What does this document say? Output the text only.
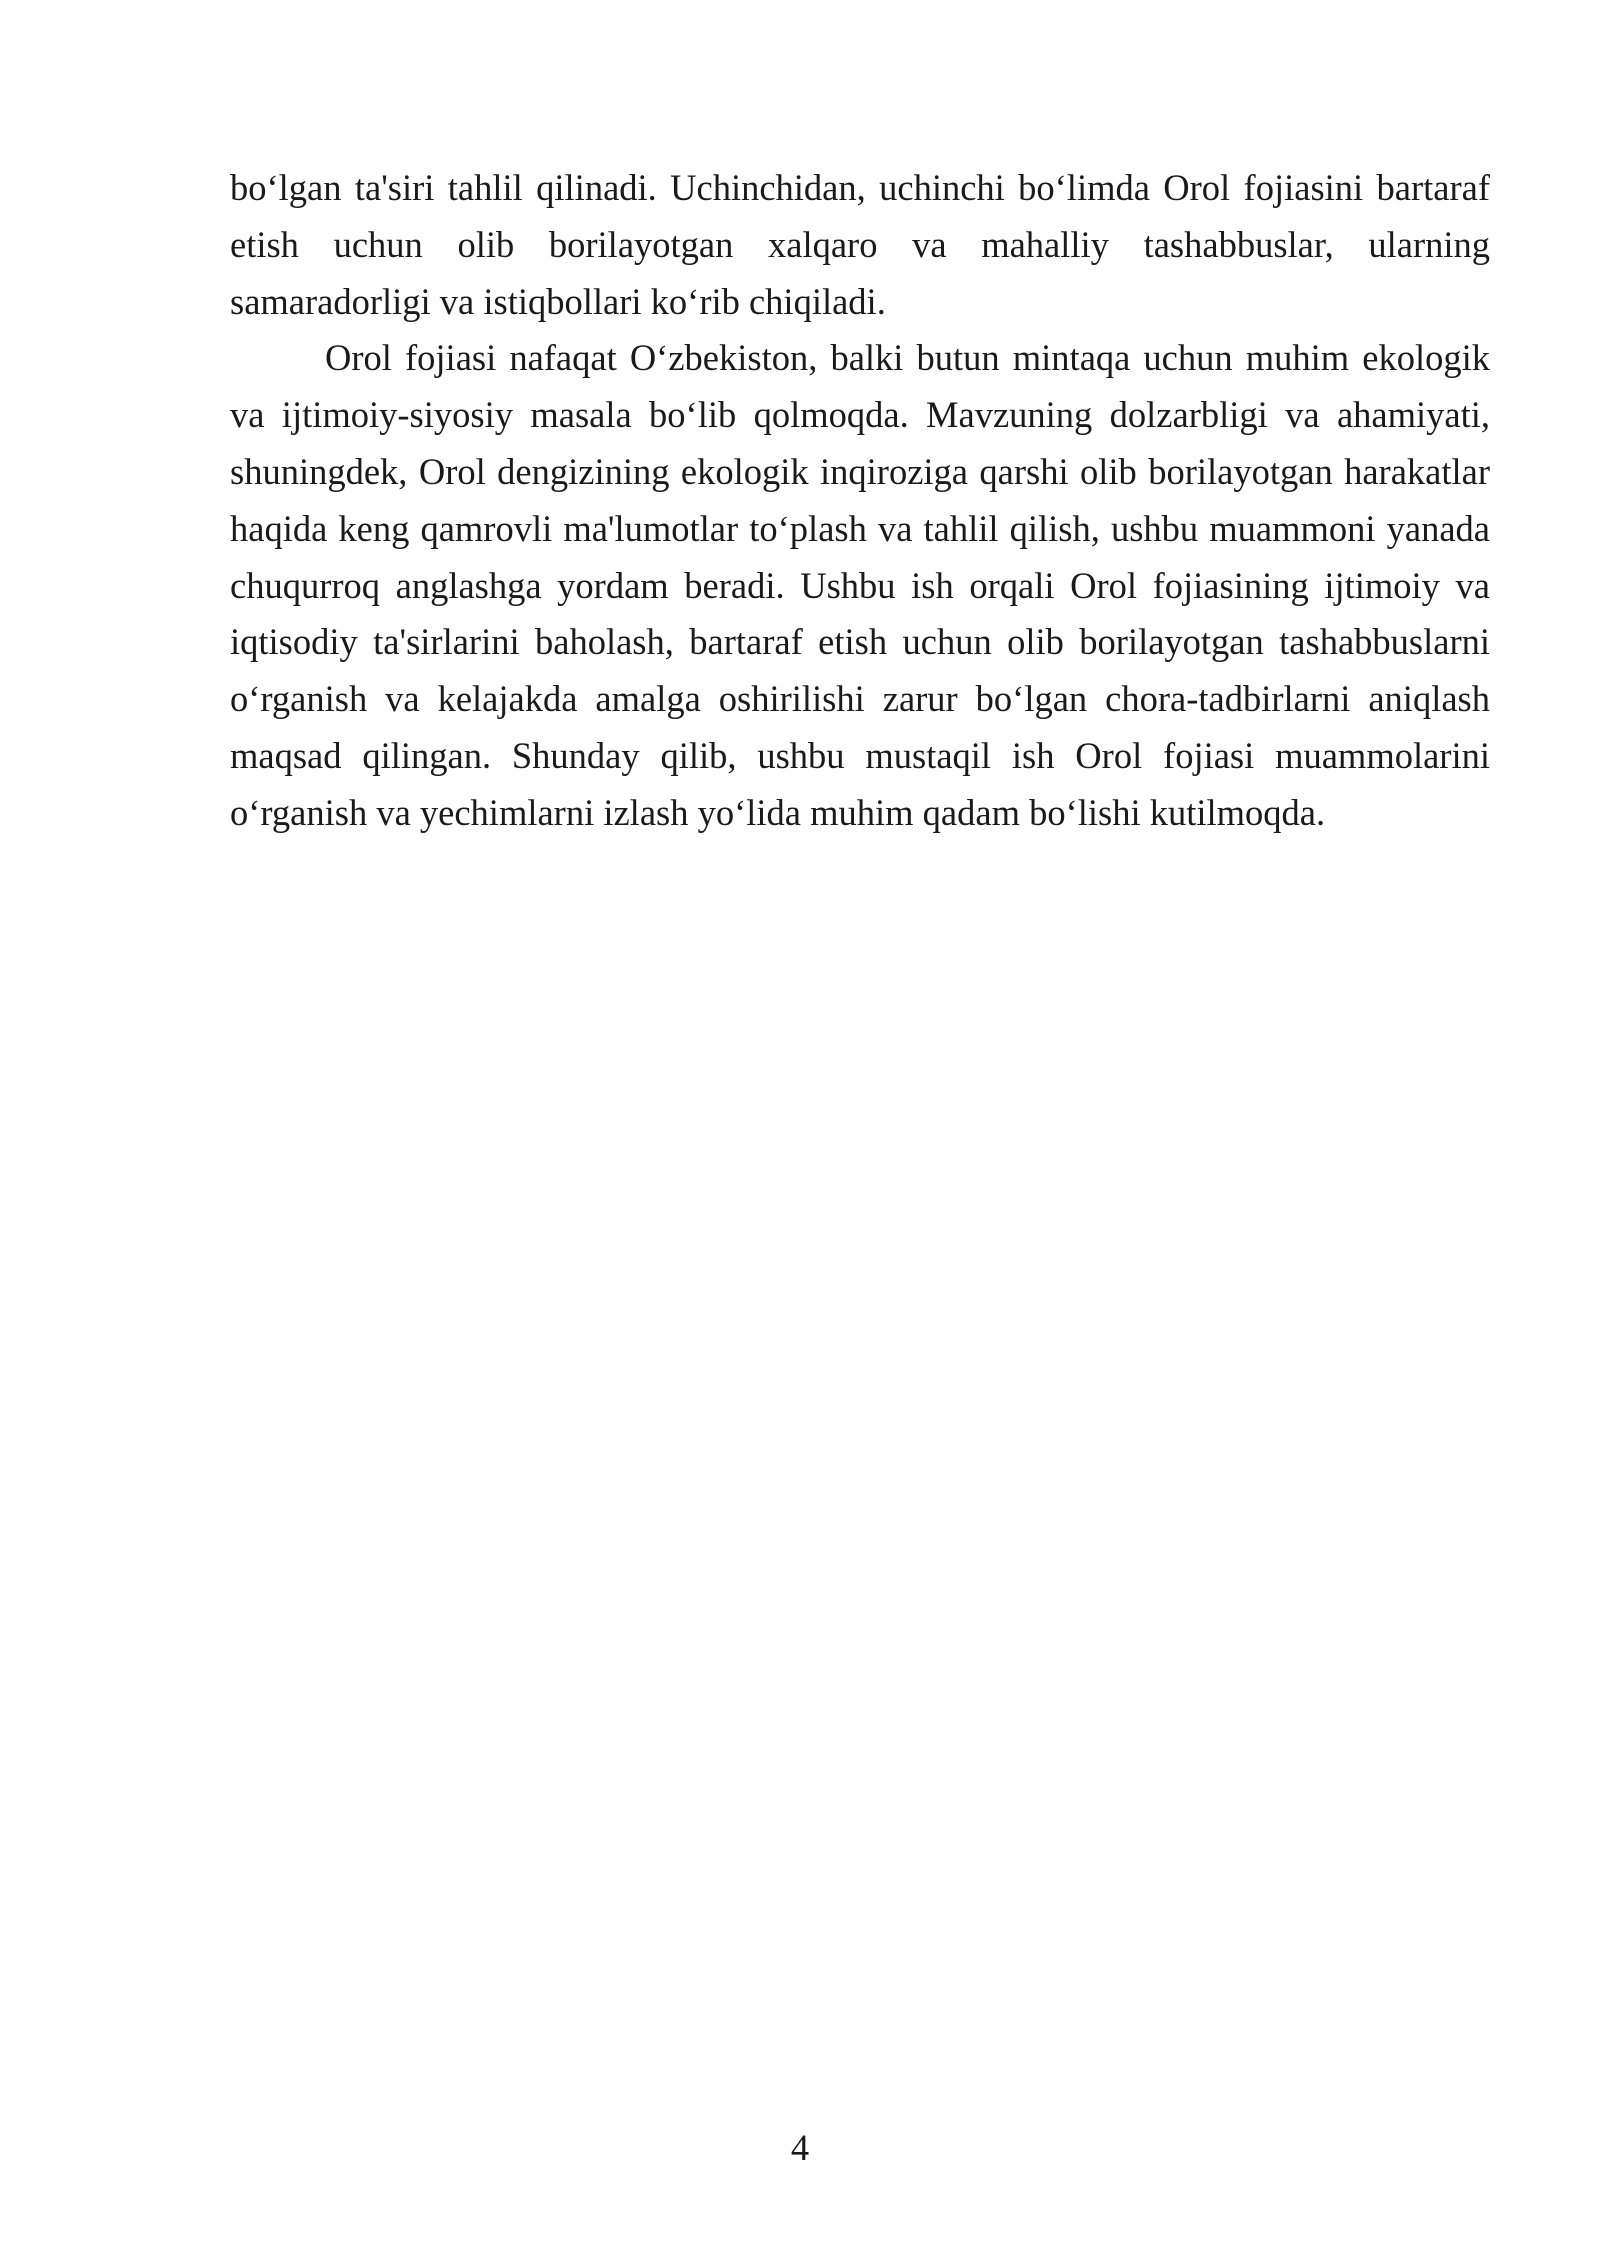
bo‘lgan ta'siri tahlil qilinadi. Uchinchidan, uchinchi bo‘limda Orol fojiasini bartaraf etish uchun olib borilayotgan xalqaro va mahalliy tashabbuslar, ularning samaradorligi va istiqbollari ko‘rib chiqiladi.

Orol fojiasi nafaqat O‘zbekiston, balki butun mintaqa uchun muhim ekologik va ijtimoiy-siyosiy masala bo‘lib qolmoqda. Mavzuning dolzarbligi va ahamiyati, shuningdek, Orol dengizining ekologik inqiroziga qarshi olib borilayotgan harakatlar haqida keng qamrovli ma'lumotlar to‘plash va tahlil qilish, ushbu muammoni yanada chuqurroq anglashga yordam beradi. Ushbu ish orqali Orol fojiasining ijtimoiy va iqtisodiy ta'sirlarini baholash, bartaraf etish uchun olib borilayotgan tashabbuslarni o‘rganish va kelajakda amalga oshirilishi zarur bo‘lgan chora-tadbirlarni aniqlash maqsad qilingan. Shunday qilib, ushbu mustaqil ish Orol fojiasi muammolarini o‘rganish va yechimlarni izlash yo‘lida muhim qadam bo‘lishi kutilmoqda.

4
